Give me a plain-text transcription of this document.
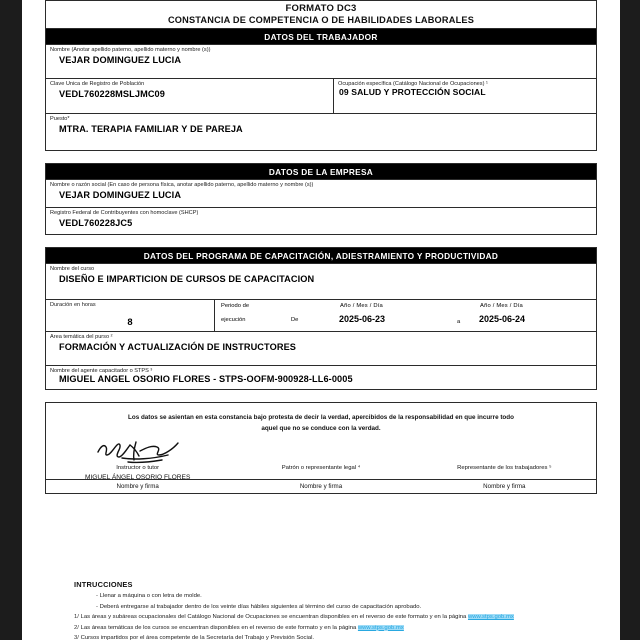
FORMATO DC3
CONSTANCIA DE COMPETENCIA O DE HABILIDADES LABORALES
DATOS DEL TRABAJADOR
Nombre (Anotar apellido paterno, apellido materno y nombre (s))
VEJAR DOMINGUEZ LUCIA
Clave Única de Registro de Población
VEDL760228MSLJMC09
Ocupación específica (Catálogo Nacional de Ocupaciones) ¹
09 SALUD Y PROTECCIÓN SOCIAL
Puesto*
MTRA. TERAPIA FAMILIAR Y DE PAREJA
DATOS DE LA EMPRESA
Nombre o razón social (En caso de persona física, anotar apellido paterno, apellido materno y nombre (s))
VEJAR DOMINGUEZ LUCIA
Registro Federal de Contribuyentes con homoclave (SHCP)
VEDL760228JC5
DATOS DEL PROGRAMA DE CAPACITACIÓN, ADIESTRAMIENTO Y PRODUCTIVIDAD
Nombre del curso
DISEÑO E IMPARTICION DE CURSOS DE CAPACITACION
Duración en horas
8
Periodo de
ejecución	De
Año / Mes / Día
2025-06-23	a
Año / Mes / Día
2025-06-24
Área temática del purso ²
FORMACIÓN Y ACTUALIZACIÓN DE INSTRUCTORES
Nombre del agente capacitador o STPS ³
MIGUEL ANGEL OSORIO FLORES - STPS-OOFM-900928-LL6-0005
Los datos se asientan en esta constancia bajo protesta de decir la verdad, apercibidos de la responsabilidad en que incurre todo
aquel que no se conduce con la verdad.
Instructor o tutor
MIGUEL ÁNGEL OSORIO FLORES
Patrón o representante legal ⁴	Representante de los trabajadores ⁵
Nombre y firma	Nombre y firma	Nombre y firma
INTRUCCIONES
- Llenar a máquina o con letra de molde.
- Deberá entregarse al trabajador dentro de los veinte días hábiles siguientes al término del curso de capacitación aprobado.
1/ Las áreas y subáreas ocupacionales del Catálogo Nacional de Ocupaciones se encuentran disponibles en el reverso de este formato y en la página www.stps.gob.mx
2/ Las áreas temáticas de los cursos se encuentran disponibles en el reverso de este formato y en la página www.stps.gob.mx
3/ Cursos impartidos por el área competente de la Secretaría del Trabajo y Previsión Social.
